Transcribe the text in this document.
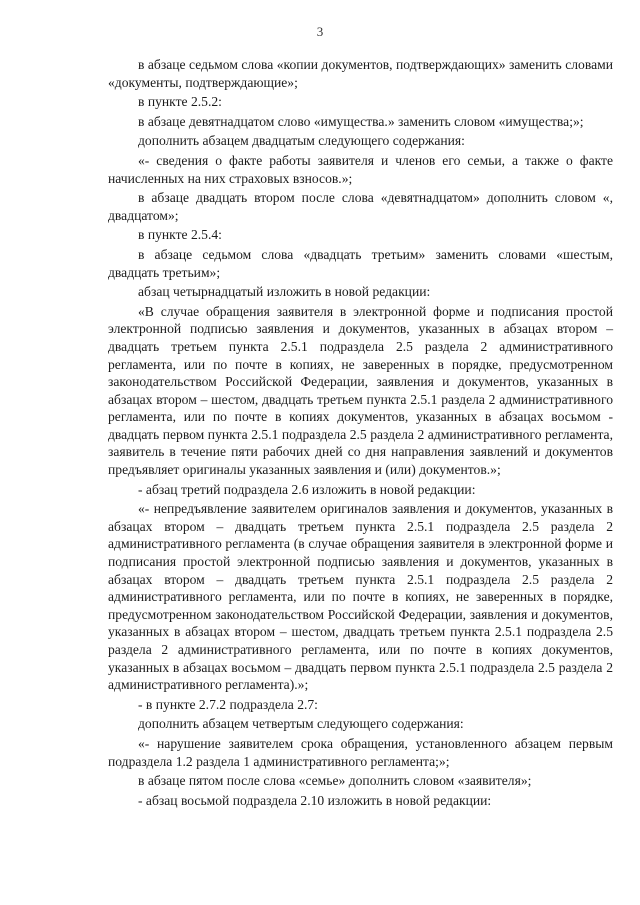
3

в абзаце седьмом слова «копии документов, подтверждающих» заменить словами «документы, подтверждающие»;

в пункте 2.5.2:

в абзаце девятнадцатом слово «имущества.» заменить словом «имущества;»;

дополнить абзацем двадцатым следующего содержания:

«- сведения о факте работы заявителя и членов его семьи, а также о факте начисленных на них страховых взносов.»;

в абзаце двадцать втором после слова «девятнадцатом» дополнить словом «, двадцатом»;

в пункте 2.5.4:

в абзаце седьмом слова «двадцать третьим» заменить словами «шестым, двадцать третьим»;

абзац четырнадцатый изложить в новой редакции:

«В случае обращения заявителя в электронной форме и подписания простой электронной подписью заявления и документов, указанных в абзацах втором – двадцать третьем пункта 2.5.1 подраздела 2.5 раздела 2 административного регламента, или по почте в копиях, не заверенных в порядке, предусмотренном законодательством Российской Федерации, заявления и документов, указанных в абзацах втором – шестом, двадцать третьем пункта 2.5.1 раздела 2 административного регламента, или по почте в копиях документов, указанных в абзацах восьмом - двадцать первом пункта 2.5.1 подраздела 2.5 раздела 2 административного регламента, заявитель в течение пяти рабочих дней со дня направления заявлений и документов предъявляет оригиналы указанных заявления и (или) документов.»;

- абзац третий подраздела 2.6 изложить в новой редакции:

«- непредъявление заявителем оригиналов заявления и документов, указанных в абзацах втором – двадцать третьем пункта 2.5.1 подраздела 2.5 раздела 2 административного регламента (в случае обращения заявителя в электронной форме и подписания простой электронной подписью заявления и документов, указанных в абзацах втором – двадцать третьем пункта 2.5.1 подраздела 2.5 раздела 2 административного регламента, или по почте в копиях, не заверенных в порядке, предусмотренном законодательством Российской Федерации, заявления и документов, указанных в абзацах втором – шестом, двадцать третьем пункта 2.5.1 подраздела 2.5 раздела 2 административного регламента, или по почте в копиях документов, указанных в абзацах восьмом – двадцать первом пункта 2.5.1 подраздела 2.5 раздела 2 административного регламента).»;

- в пункте 2.7.2 подраздела 2.7:

дополнить абзацем четвертым следующего содержания:

«- нарушение заявителем срока обращения, установленного абзацем первым подраздела 1.2 раздела 1 административного регламента;»;

в абзаце пятом после слова «семье» дополнить словом «заявителя»;

- абзац восьмой подраздела 2.10 изложить в новой редакции:
